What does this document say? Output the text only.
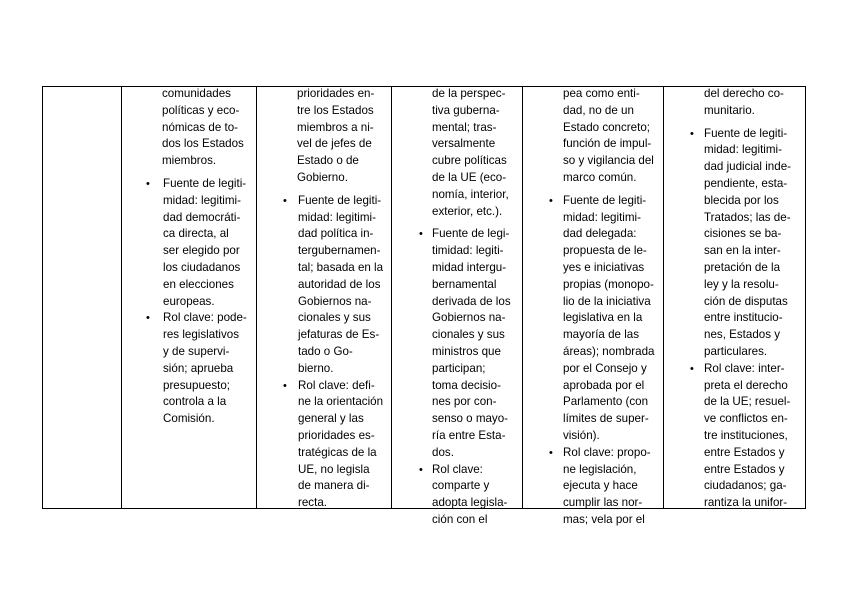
comunidades
políticas y eco-
nómicas de to-
dos los Estados
miembros.
• Fuente de legiti-
midad: legitimi-
dad democráti-
ca directa, al
ser elegido por
los ciudadanos
en elecciones
europeas.
• Rol clave: pode-
res legislativos
y de supervi-
sión; aprueba
presupuesto;
controla a la
Comisión.
prioridades en-
tre los Estados
miembros a ni-
vel de jefes de
Estado o de
Gobierno.
• Fuente de legiti-
midad: legitimi-
dad política in-
tergubernamen-
tal; basada en la
autoridad de los
Gobiernos na-
cionales y sus
jefaturas de Es-
tado o Go-
bierno.
• Rol clave: defi-
ne la orientación
general y las
prioridades es-
tratégicas de la
UE, no legisla
de manera di-
recta.
de la perspec-
tiva guberna-
mental; tras-
versalmente
cubre políticas
de la UE (eco-
nomía, interior,
exterior, etc.).
• Fuente de legi-
timidad: legiti-
midad intergu-
bernamental
derivada de los
Gobiernos na-
cionales y sus
ministros que
participan;
toma decisio-
nes por con-
senso o mayo-
ría entre Esta-
dos.
• Rol clave:
comparte y
adopta legisla-
ción con el
pea como enti-
dad, no de un
Estado concreto;
función de impul-
so y vigilancia del
marco común.
• Fuente de legiti-
midad: legitimi-
dad delegada:
propuesta de le-
yes e iniciativas
propias (monopo-
lio de la iniciativa
legislativa en la
mayoría de las
áreas); nombrada
por el Consejo y
aprobada por el
Parlamento (con
límites de super-
visión).
• Rol clave: propo-
ne legislación,
ejecuta y hace
cumplir las nor-
mas; vela por el
del derecho co-
munitario.
• Fuente de legiti-
midad: legitimi-
dad judicial inde-
pendiente, esta-
blecida por los
Tratados; las de-
cisiones se ba-
san en la inter-
pretación de la
ley y la resolu-
ción de disputas
entre institucio-
nes, Estados y
particulares.
• Rol clave: inter-
preta el derecho
de la UE; resuel-
ve conflictos en-
tre instituciones,
entre Estados y
entre Estados y
ciudadanos; ga-
rantiza la unifor-
